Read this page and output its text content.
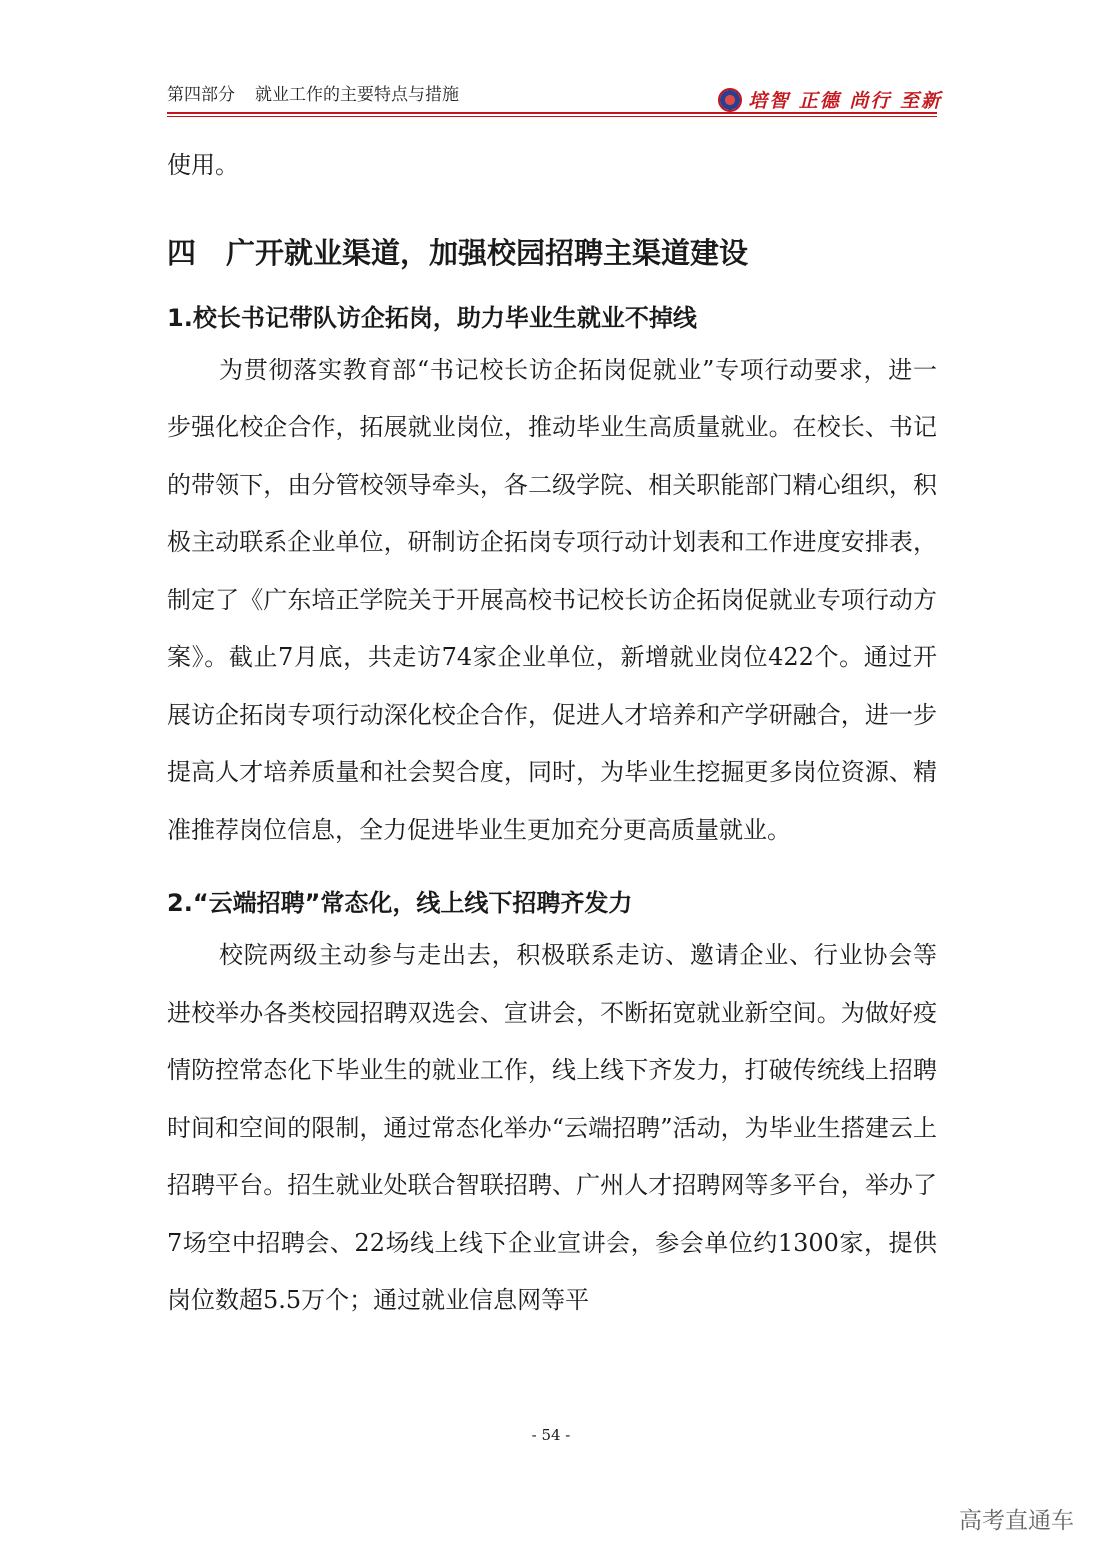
第四部分 就业工作的主要特点与措施	培智 正德 尚行 至新

使用。

四 广开就业渠道，加强校园招聘主渠道建设
1.校长书记带队访企拓岗，助力毕业生就业不掉线

为贯彻落实教育部“书记校长访企拓岗促就业”专项行动要求，进一步强化校企合作，拓展就业岗位，推动毕业生高质量就业。在校长、书记的带领下，由分管校领导牵头，各二级学院、相关职能部门精心组织，积极主动联系企业单位，研制访企拓岗专项行动计划表和工作进度安排表，制定了《广东培正学院关于开展高校书记校长访企拓岗促就业专项行动方案》。截止7月底，共走访74家企业单位，新增就业岗位422个。通过开展访企拓岗专项行动深化校企合作，促进人才培养和产学研融合，进一步提高人才培养质量和社会契合度，同时，为毕业生挖掘更多岗位资源、精准推荐岗位信息，全力促进毕业生更加充分更高质量就业。

2.“云端招聘”常态化，线上线下招聘齐发力

校院两级主动参与走出去，积极联系走访、邀请企业、行业协会等进校举办各类校园招聘双选会、宣讲会，不断拓宽就业新空间。为做好疫情防控常态化下毕业生的就业工作，线上线下齐发力，打破传统线上招聘时间和空间的限制，通过常态化举办“云端招聘”活动，为毕业生搭建云上招聘平台。招生就业处联合智联招聘、广州人才招聘网等多平台，举办了7场空中招聘会、22场线上线下企业宣讲会，参会单位约1300家，提供岗位数超5.5万个；通过就业信息网等平

- 54 -
高考直通车
